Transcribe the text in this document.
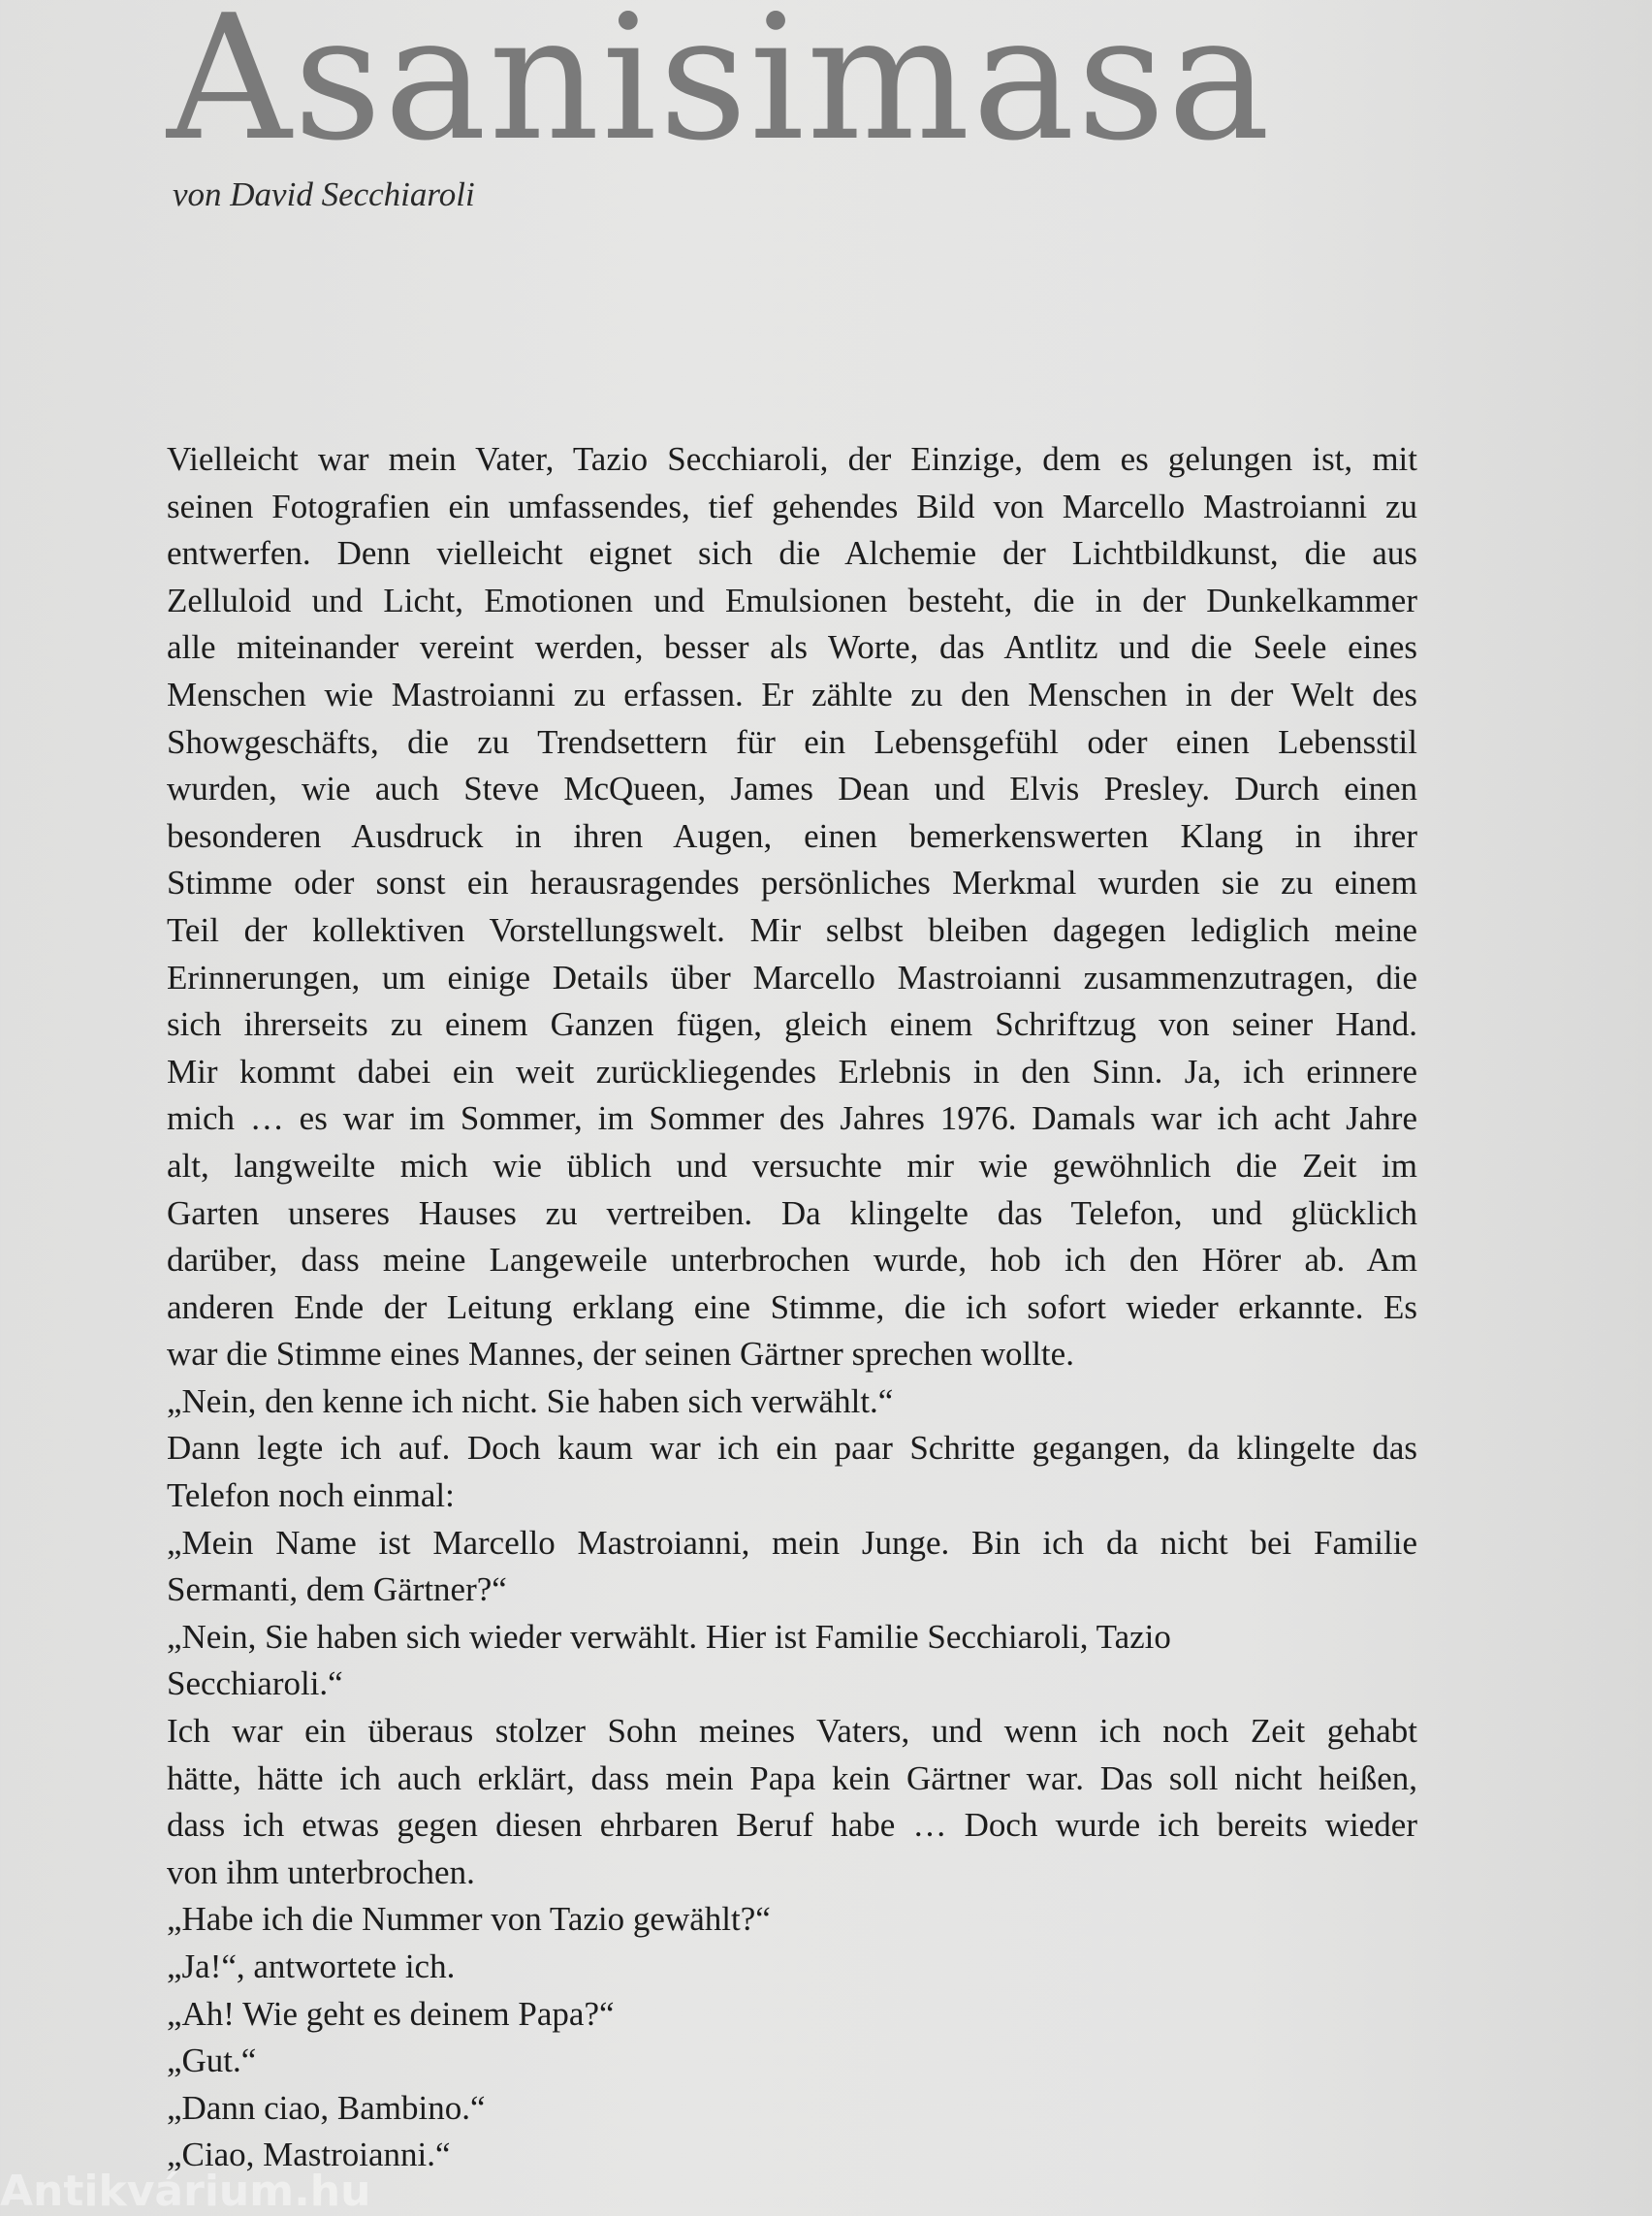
Asanisimasa

von David Secchiaroli

Vielleicht war mein Vater, Tazio Secchiaroli, der Einzige, dem es gelungen ist, mit
seinen Fotografien ein umfassendes, tief gehendes Bild von Marcello Mastroianni zu
entwerfen. Denn vielleicht eignet sich die Alchemie der Lichtbildkunst, die aus
Zelluloid und Licht, Emotionen und Emulsionen besteht, die in der Dunkelkammer
alle miteinander vereint werden, besser als Worte, das Antlitz und die Seele eines
Menschen wie Mastroianni zu erfassen. Er zählte zu den Menschen in der Welt des
Showgeschäfts, die zu Trendsettern für ein Lebensgefühl oder einen Lebensstil
wurden, wie auch Steve McQueen, James Dean und Elvis Presley. Durch einen
besonderen Ausdruck in ihren Augen, einen bemerkenswerten Klang in ihrer
Stimme oder sonst ein herausragendes persönliches Merkmal wurden sie zu einem
Teil der kollektiven Vorstellungswelt. Mir selbst bleiben dagegen lediglich meine
Erinnerungen, um einige Details über Marcello Mastroianni zusammenzutragen, die
sich ihrerseits zu einem Ganzen fügen, gleich einem Schriftzug von seiner Hand.
Mir kommt dabei ein weit zurückliegendes Erlebnis in den Sinn. Ja, ich erinnere
mich … es war im Sommer, im Sommer des Jahres 1976. Damals war ich acht Jahre
alt, langweilte mich wie üblich und versuchte mir wie gewöhnlich die Zeit im
Garten unseres Hauses zu vertreiben. Da klingelte das Telefon, und glücklich
darüber, dass meine Langeweile unterbrochen wurde, hob ich den Hörer ab. Am
anderen Ende der Leitung erklang eine Stimme, die ich sofort wieder erkannte. Es
war die Stimme eines Mannes, der seinen Gärtner sprechen wollte.
„Nein, den kenne ich nicht. Sie haben sich verwählt.“
Dann legte ich auf. Doch kaum war ich ein paar Schritte gegangen, da klingelte das
Telefon noch einmal:
„Mein Name ist Marcello Mastroianni, mein Junge. Bin ich da nicht bei Familie
Sermanti, dem Gärtner?“
„Nein, Sie haben sich wieder verwählt. Hier ist Familie Secchiaroli, Tazio
Secchiaroli.“
Ich war ein überaus stolzer Sohn meines Vaters, und wenn ich noch Zeit gehabt
hätte, hätte ich auch erklärt, dass mein Papa kein Gärtner war. Das soll nicht heißen,
dass ich etwas gegen diesen ehrbaren Beruf habe … Doch wurde ich bereits wieder
von ihm unterbrochen.
„Habe ich die Nummer von Tazio gewählt?“
„Ja!“, antwortete ich.
„Ah! Wie geht es deinem Papa?“
„Gut.“
„Dann ciao, Bambino.“
„Ciao, Mastroianni.“
Antikvárium.hu
